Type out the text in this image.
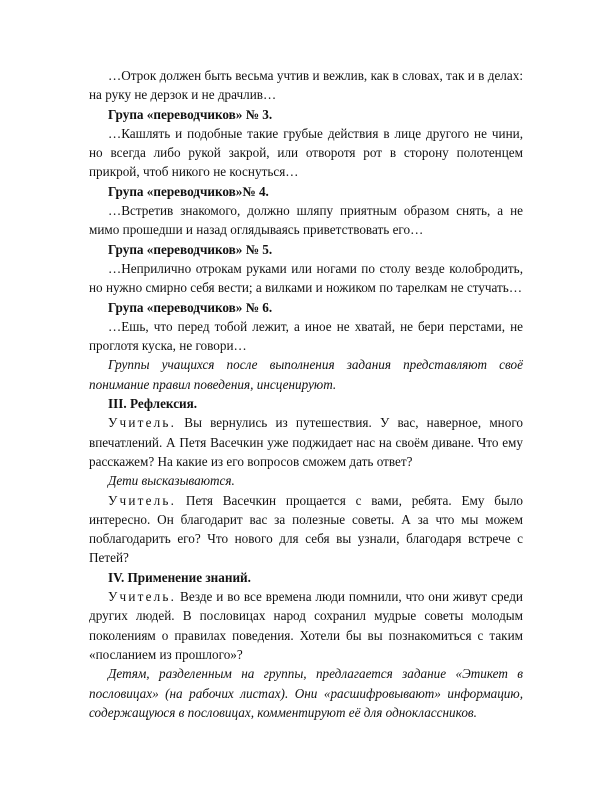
…Отрок должен быть весьма учтив и вежлив, как в словах, так и в делах: на руку не дерзок и не драчлив…

Група «переводчиков» № 3.

…Кашлять и подобные такие грубые действия в лице другого не чини, но всегда либо рукой закрой, или отворотя рот в сторону полотенцем прикрой, чтоб никого не коснуться…

Група «переводчиков»№ 4.

…Встретив знакомого, должно шляпу приятным образом снять, а не мимо прошедши и назад оглядываясь приветствовать его…

Група «переводчиков» № 5.

…Неприлично отрокам руками или ногами по столу везде колобродить, но нужно смирно себя вести; а вилками и ножиком по тарелкам не стучать…

Група «переводчиков» № 6.

…Ешь, что перед тобой лежит, а иное не хватай, не бери перстами, не проглотя куска, не говори…

Группы учащихся после выполнения задания представляют своё понимание правил поведения, инсценируют.

III. Рефлексия.

Учитель. Вы вернулись из путешествия. У вас, наверное, много впечатлений. А Петя Васечкин уже поджидает нас на своём диване. Что ему расскажем? На какие из его вопросов сможем дать ответ?

Дети высказываются.

Учитель. Петя Васечкин прощается с вами, ребята. Ему было интересно. Он благодарит вас за полезные советы. А за что мы можем поблагодарить его? Что нового для себя вы узнали, благодаря встрече с Петей?

IV. Применение знаний.

Учитель. Везде и во все времена люди помнили, что они живут среди других людей. В пословицах народ сохранил мудрые советы молодым поколениям о правилах поведения. Хотели бы вы познакомиться с таким «посланием из прошлого»?

Детям, разделенным на группы, предлагается задание «Этикет в пословицах» (на рабочих листах). Они «расшифровывают» информацию, содержащуюся в пословицах, комментируют её для одноклассников.
